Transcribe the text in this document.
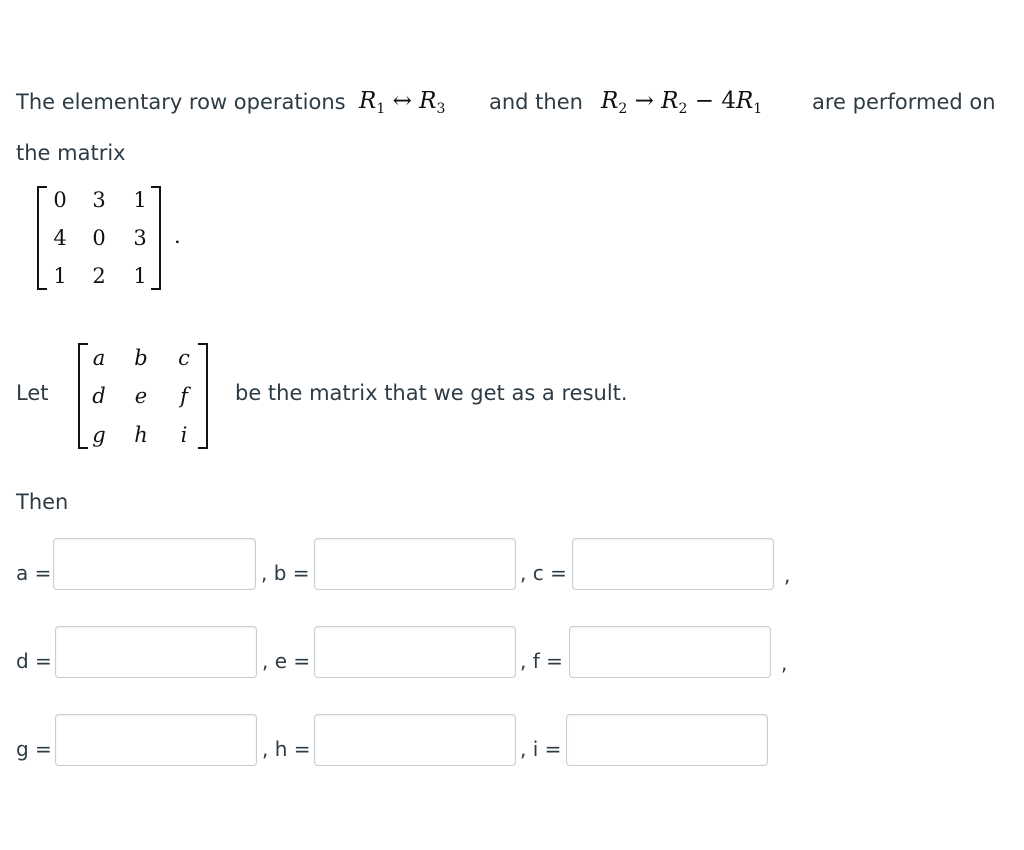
The elementary row operations $R_1$ ↔ $R_3$ and then $R_2 \to R_2 - 4R_1$ are performed on
the matrix
0	3	1
4	0	3
1	2	1
.
Let
a	b	c
d	e	f
g	h	i
be the matrix that we get as a result.
Then
a =	, b =	, c =	,
d =	, e =	, f =	,
g =	, h =	, i =
